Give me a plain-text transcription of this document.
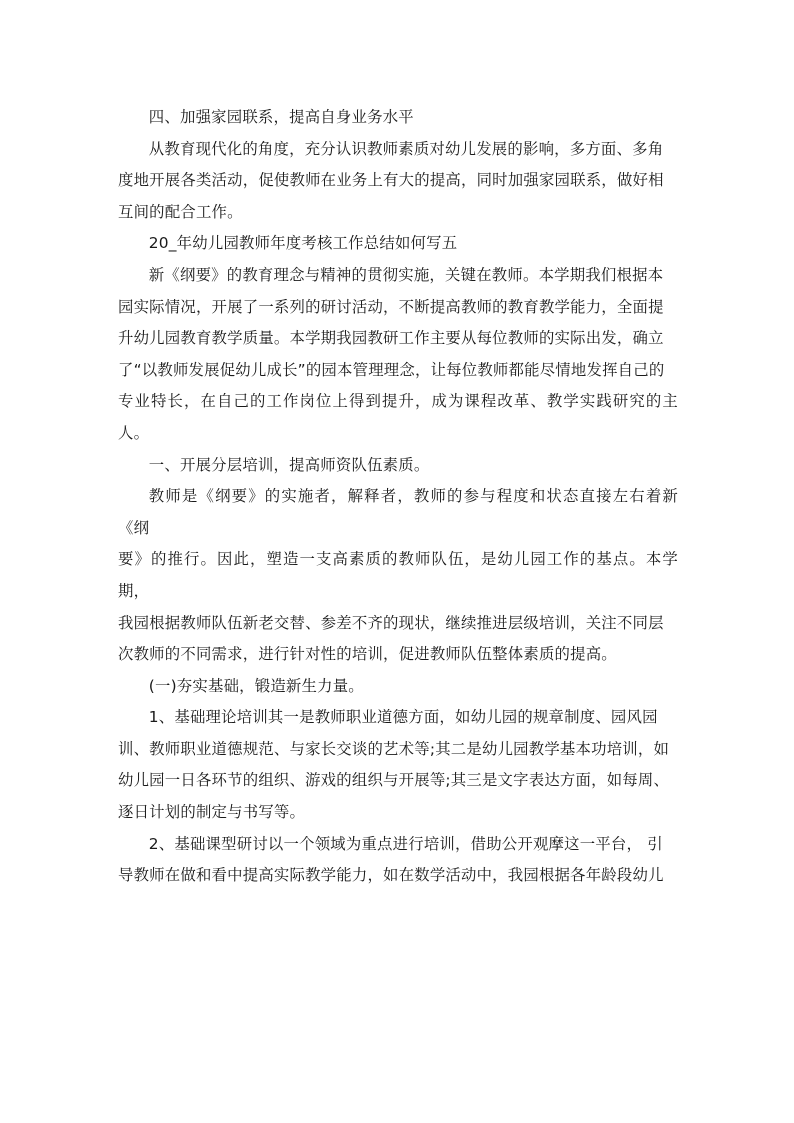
四、加强家园联系，提高自身业务水平

从教育现代化的角度，充分认识教师素质对幼儿发展的影响，多方面、多角
度地开展各类活动，促使教师在业务上有大的提高，同时加强家园联系，做好相
互间的配合工作。

20_年幼儿园教师年度考核工作总结如何写五

新《纲要》的教育理念与精神的贯彻实施，关键在教师。本学期我们根据本
园实际情况，开展了一系列的研讨活动，不断提高教师的教育教学能力，全面提
升幼儿园教育教学质量。本学期我园教研工作主要从每位教师的实际出发，确立
了“以教师发展促幼儿成长”的园本管理理念，让每位教师都能尽情地发挥自己的
专业特长，在自己的工作岗位上得到提升，成为课程改革、教学实践研究的主人。

一、开展分层培训，提高师资队伍素质。

教师是《纲要》的实施者，解释者，教师的参与程度和状态直接左右着新《纲
要》的推行。因此，塑造一支高素质的教师队伍，是幼儿园工作的基点。本学期，
我园根据教师队伍新老交替、参差不齐的现状，继续推进层级培训，关注不同层
次教师的不同需求，进行针对性的培训，促进教师队伍整体素质的提高。

(一)夯实基础，锻造新生力量。

1、基础理论培训其一是教师职业道德方面，如幼儿园的规章制度、园风园
训、教师职业道德规范、与家长交谈的艺术等;其二是幼儿园教学基本功培训，如
幼儿园一日各环节的组织、游戏的组织与开展等;其三是文字表达方面，如每周、
逐日计划的制定与书写等。

2、基础课型研讨以一个领域为重点进行培训，借助公开观摩这一平台， 引
导教师在做和看中提高实际教学能力，如在数学活动中，我园根据各年龄段幼儿
